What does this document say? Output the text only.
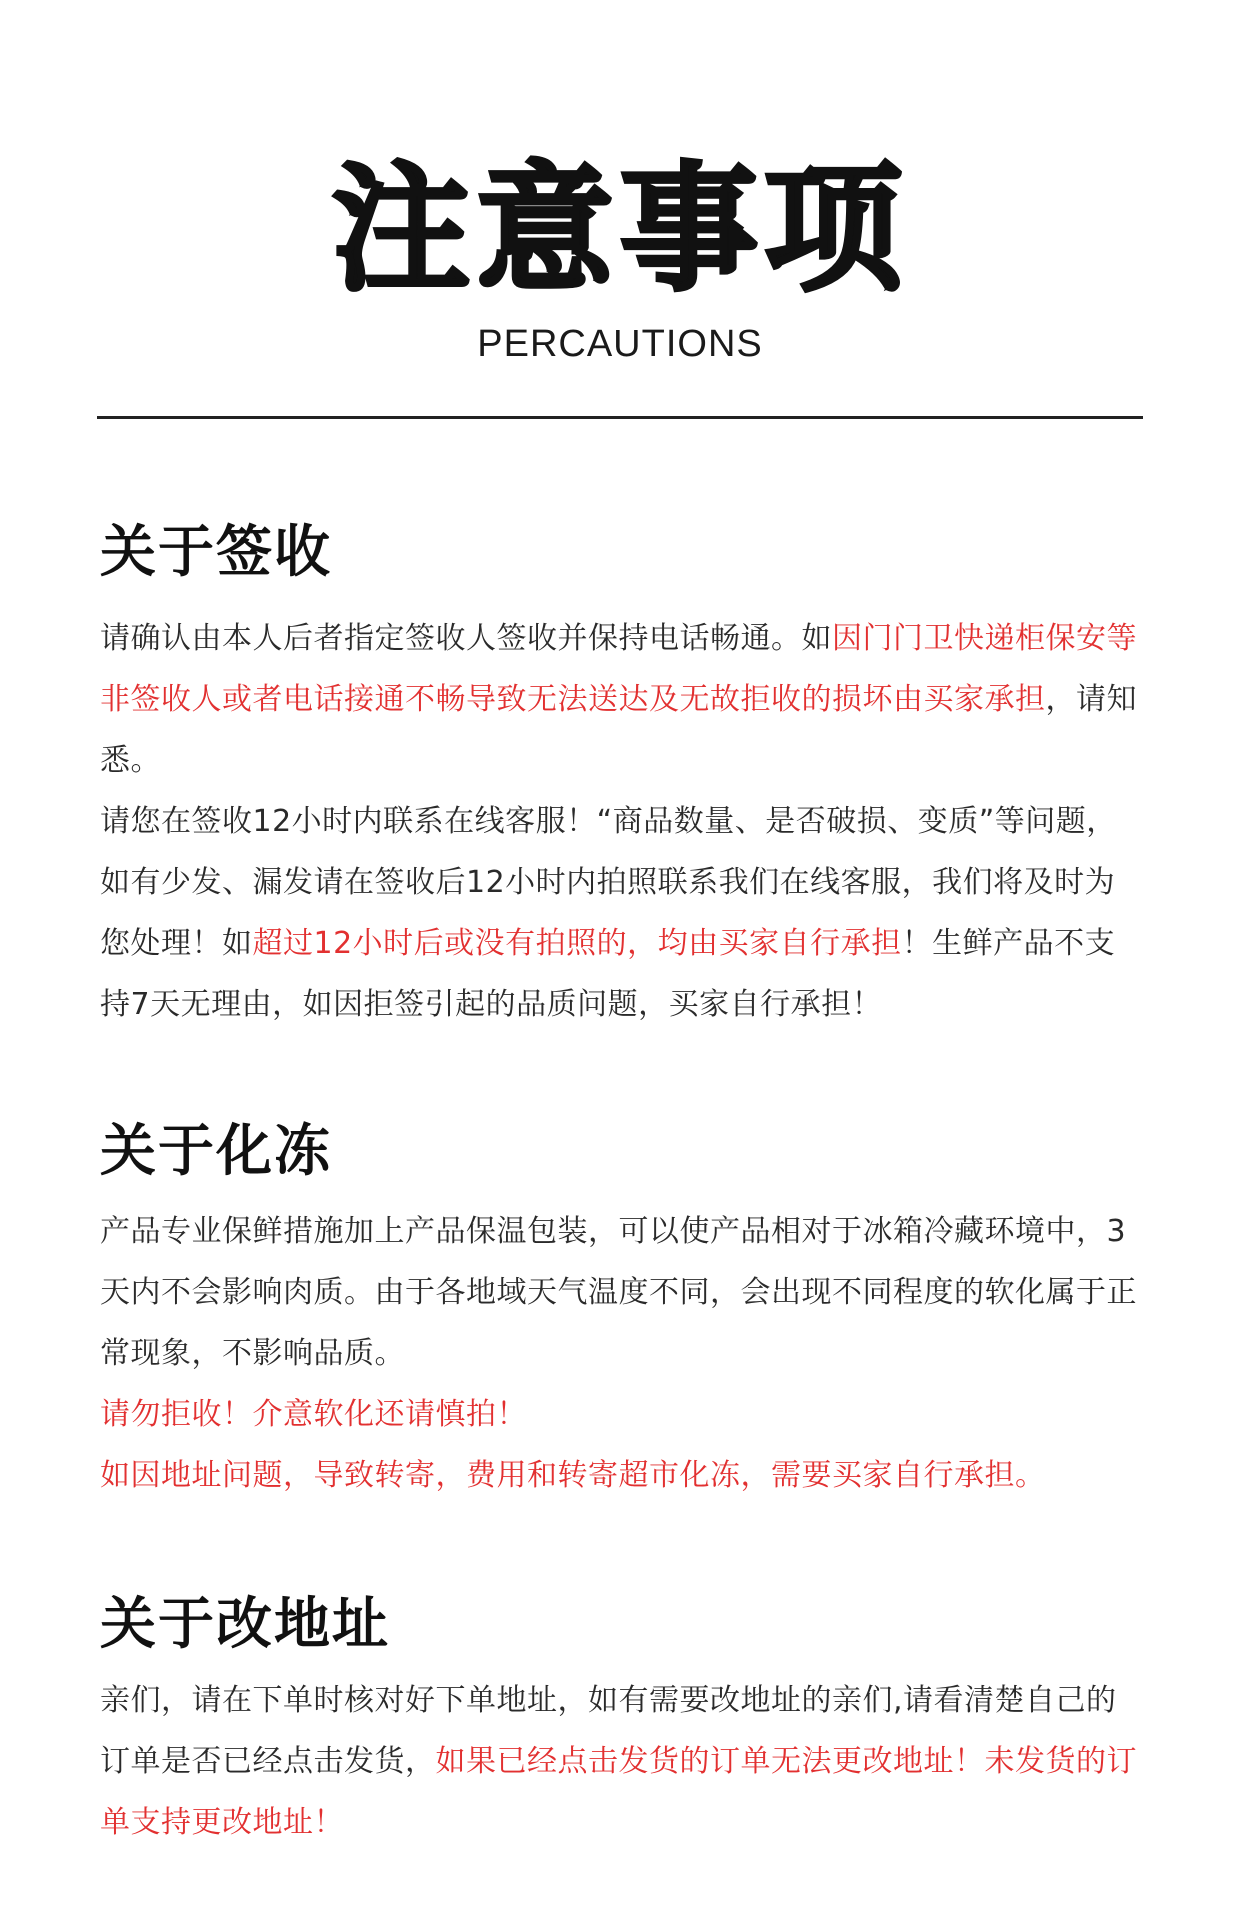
注意事项
PERCAUTIONS
关于签收

请确认由本人后者指定签收人签收并保持电话畅通。如因门门卫快递柜保安等非签收人或者电话接通不畅导致无法送达及无故拒收的损坏由买家承担，请知悉。

请您在签收12小时内联系在线客服！“商品数量、是否破损、变质”等问题，如有少发、漏发请在签收后12小时内拍照联系我们在线客服，我们将及时为您处理！如超过12小时后或没有拍照的，均由买家自行承担！生鲜产品不支持7天无理由，如因拒签引起的品质问题，买家自行承担！

关于化冻

产品专业保鲜措施加上产品保温包装，可以使产品相对于冰箱冷藏环境中，3天内不会影响肉质。由于各地域天气温度不同，会出现不同程度的软化属于正常现象，不影响品质。

请勿拒收！介意软化还请慎拍！

如因地址问题，导致转寄，费用和转寄超市化冻，需要买家自行承担。

关于改地址

亲们，请在下单时核对好下单地址，如有需要改地址的亲们,请看清楚自己的订单是否已经点击发货，如果已经点击发货的订单无法更改地址！未发货的订单支持更改地址！
